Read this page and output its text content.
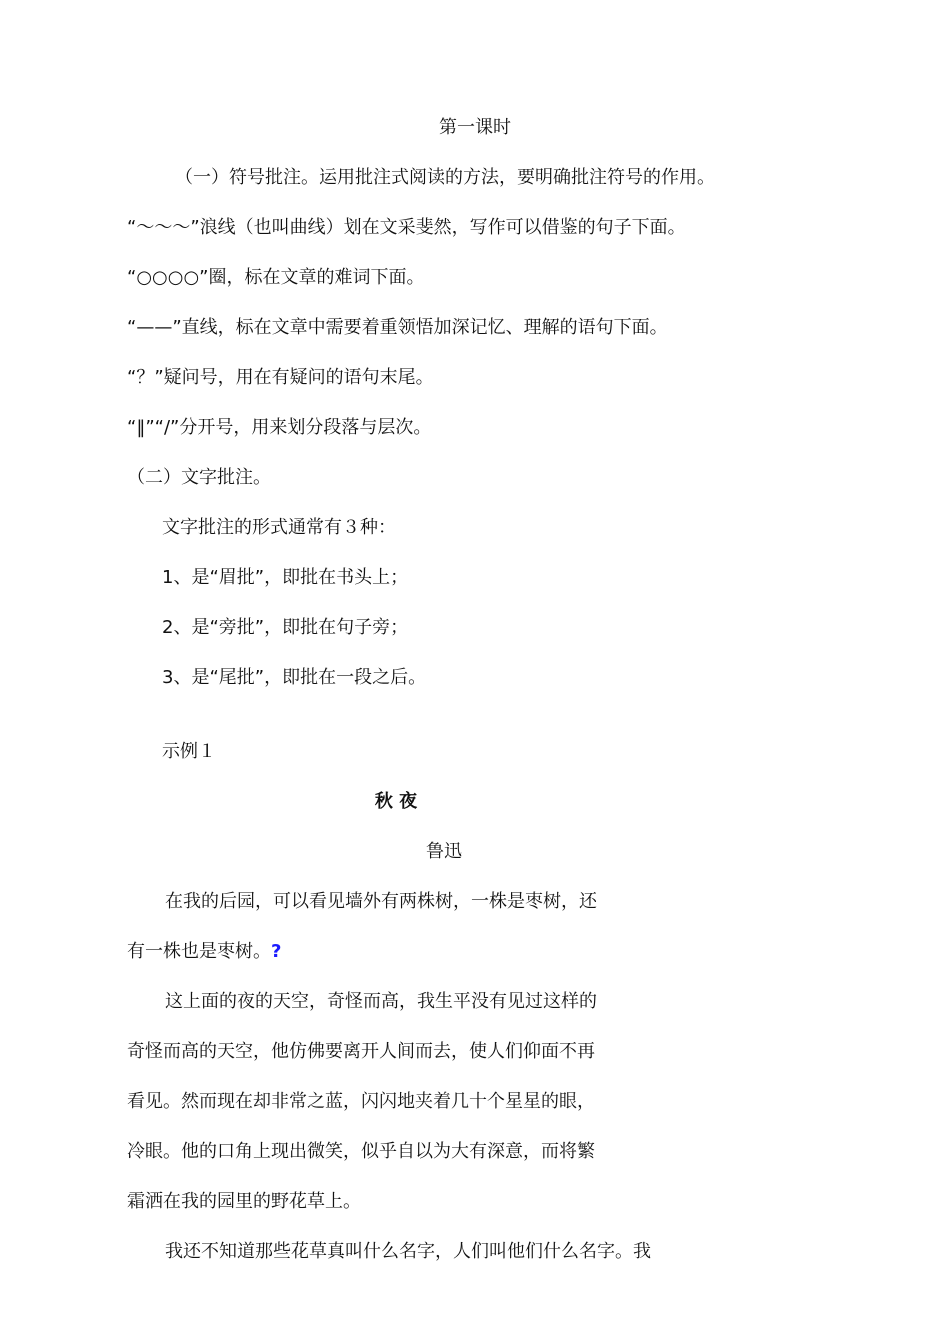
第一课时
（一）符号批注。运用批注式阅读的方法，要明确批注符号的作用。
“～～～”浪线（也叫曲线）划在文采斐然，写作可以借鉴的句子下面。
“○○○○”圈，标在文章的难词下面。
“——”直线，标在文章中需要着重领悟加深记忆、理解的语句下面。
“？”疑问号，用在有疑问的语句末尾。
“‖”“/”分开号，用来划分段落与层次。
（二）文字批注。
文字批注的形式通常有３种：
1、是“眉批”，即批在书头上；
2、是“旁批”，即批在句子旁；
3、是“尾批”，即批在一段之后。
示例１
秋 夜
鲁迅
在我的后园，可以看见墙外有两株树，一株是枣树，还
有一株也是枣树。?
这上面的夜的天空，奇怪而高，我生平没有见过这样的
奇怪而高的天空，他仿佛要离开人间而去，使人们仰面不再
看见。然而现在却非常之蓝，闪闪地夹着几十个星星的眼，
冷眼。他的口角上现出微笑，似乎自以为大有深意，而将繁
霜洒在我的园里的野花草上。
我还不知道那些花草真叫什么名字，人们叫他们什么名字。我
